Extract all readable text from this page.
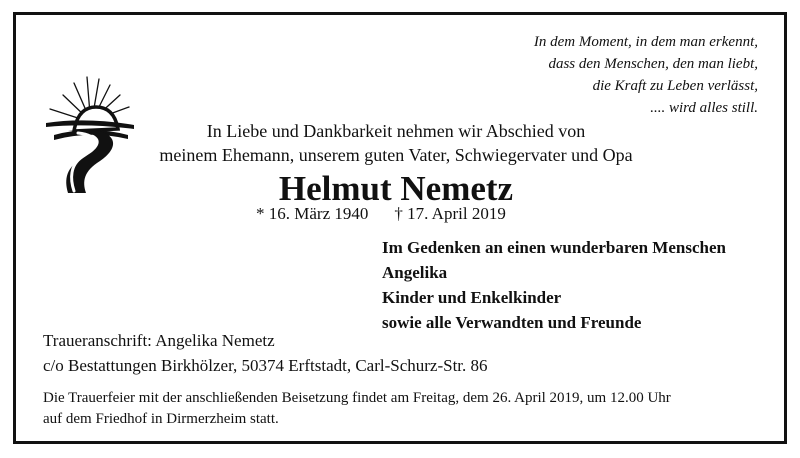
In dem Moment, in dem man erkennt,
dass den Menschen, den man liebt,
die Kraft zu Leben verlässt,
.... wird alles still.
In Liebe und Dankbarkeit nehmen wir Abschied von
meinem Ehemann, unserem guten Vater, Schwiegervater und Opa
Helmut Nemetz
* 16. März 1940 † 17. April 2019
Im Gedenken an einen wunderbaren Menschen
Angelika
Kinder und Enkelkinder
sowie alle Verwandten und Freunde
Traueranschrift: Angelika Nemetz
c/o Bestattungen Birkhölzer, 50374 Erftstadt, Carl-Schurz-Str. 86
Die Trauerfeier mit der anschließenden Beisetzung findet am Freitag, dem 26. April 2019, um 12.00 Uhr
auf dem Friedhof in Dirmerzheim statt.
